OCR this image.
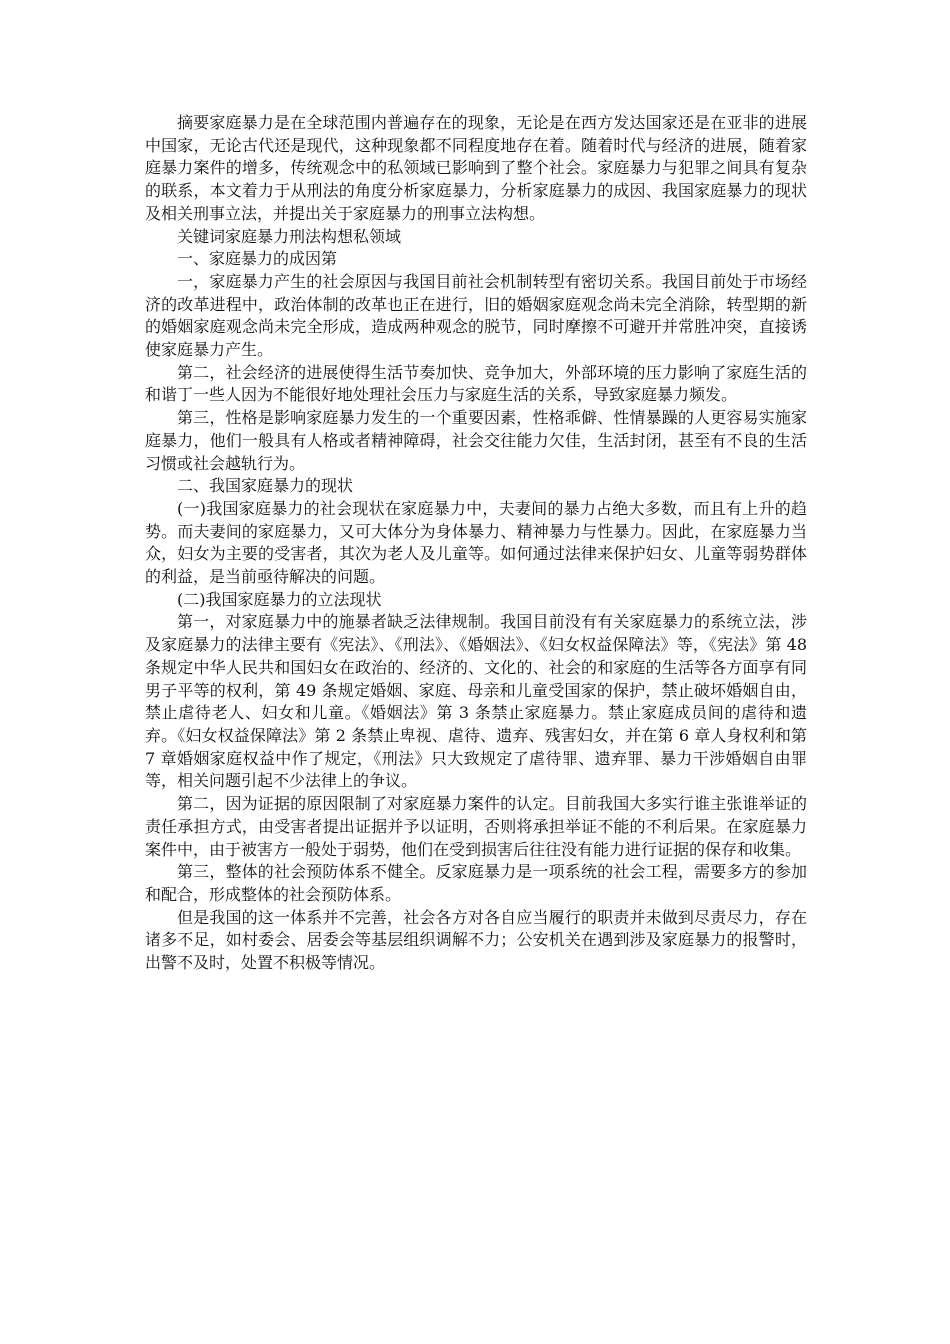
摘要家庭暴力是在全球范围内普遍存在的现象，无论是在西方发达国家还是在亚非的进展中国家，无论古代还是现代，这种现象都不同程度地存在着。随着时代与经济的进展，随着家庭暴力案件的增多，传统观念中的私领域已影响到了整个社会。家庭暴力与犯罪之间具有复杂的联系，本文着力于从刑法的角度分析家庭暴力，分析家庭暴力的成因、我国家庭暴力的现状及相关刑事立法，并提出关于家庭暴力的刑事立法构想。

关键词家庭暴力刑法构想私领域

一、家庭暴力的成因第

一，家庭暴力产生的社会原因与我国目前社会机制转型有密切关系。我国目前处于市场经济的改革进程中，政治体制的改革也正在进行，旧的婚姻家庭观念尚未完全消除，转型期的新的婚姻家庭观念尚未完全形成，造成两种观念的脱节，同时摩擦不可避开并常胜冲突，直接诱使家庭暴力产生。

第二，社会经济的进展使得生活节奏加快、竞争加大，外部环境的压力影响了家庭生活的和谐丁一些人因为不能很好地处理社会压力与家庭生活的关系，导致家庭暴力频发。

第三，性格是影响家庭暴力发生的一个重要因素，性格乖僻、性情暴躁的人更容易实施家庭暴力，他们一般具有人格或者精神障碍，社会交往能力欠佳，生活封闭，甚至有不良的生活习惯或社会越轨行为。

二、我国家庭暴力的现状

(一)我国家庭暴力的社会现状在家庭暴力中，夫妻间的暴力占绝大多数，而且有上升的趋势。而夫妻间的家庭暴力，又可大体分为身体暴力、精神暴力与性暴力。因此，在家庭暴力当众，妇女为主要的受害者，其次为老人及儿童等。如何通过法律来保护妇女、儿童等弱势群体的利益，是当前亟待解决的问题。

(二)我国家庭暴力的立法现状

第一，对家庭暴力中的施暴者缺乏法律规制。我国目前没有有关家庭暴力的系统立法，涉及家庭暴力的法律主要有《宪法》、《刑法》、《婚姻法》、《妇女权益保障法》等，《宪法》第 48 条规定中华人民共和国妇女在政治的、经济的、文化的、社会的和家庭的生活等各方面享有同男子平等的权利，第 49 条规定婚姻、家庭、母亲和儿童受国家的保护，禁止破坏婚姻自由，禁止虐待老人、妇女和儿童。《婚姻法》第 3 条禁止家庭暴力。禁止家庭成员间的虐待和遗弃。《妇女权益保障法》第 2 条禁止卑视、虐待、遗弃、残害妇女，并在第 6 章人身权利和第 7 章婚姻家庭权益中作了规定，《刑法》只大致规定了虐待罪、遗弃罪、暴力干涉婚姻自由罪等，相关问题引起不少法律上的争议。

第二，因为证据的原因限制了对家庭暴力案件的认定。目前我国大多实行谁主张谁举证的责任承担方式，由受害者提出证据并予以证明，否则将承担举证不能的不利后果。在家庭暴力案件中，由于被害方一般处于弱势，他们在受到损害后往往没有能力进行证据的保存和收集。

第三，整体的社会预防体系不健全。反家庭暴力是一项系统的社会工程，需要多方的参加和配合，形成整体的社会预防体系。

但是我国的这一体系并不完善，社会各方对各自应当履行的职责并未做到尽责尽力，存在诸多不足，如村委会、居委会等基层组织调解不力；公安机关在遇到涉及家庭暴力的报警时，出警不及时，处置不积极等情况。
